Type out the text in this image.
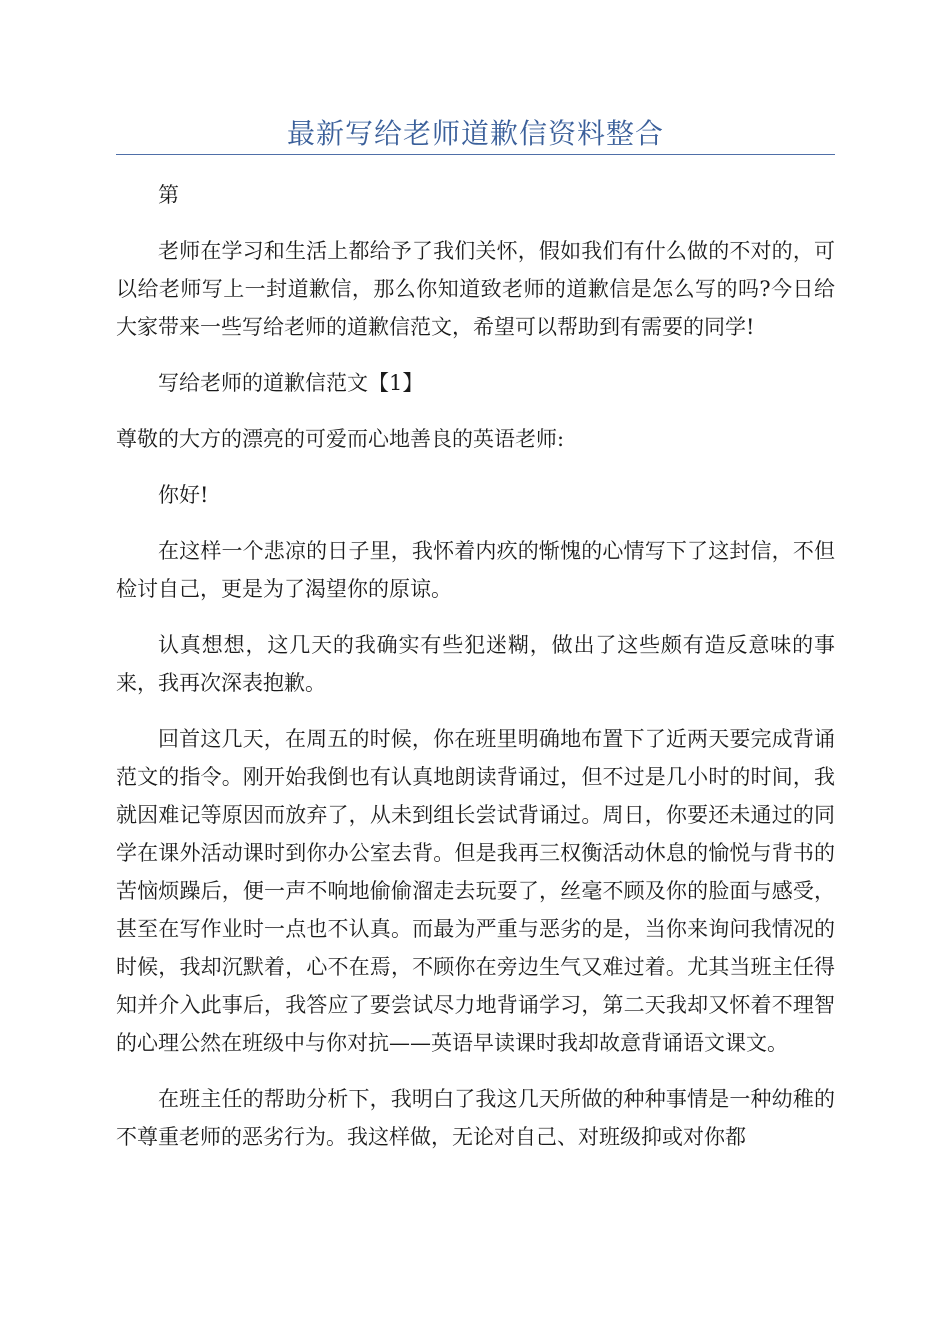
最新写给老师道歉信资料整合

第

老师在学习和生活上都给予了我们关怀，假如我们有什么做的不对的，可以给老师写上一封道歉信，那么你知道致老师的道歉信是怎么写的吗?今日给大家带来一些写给老师的道歉信范文，希望可以帮助到有需要的同学!

写给老师的道歉信范文【1】

尊敬的大方的漂亮的可爱而心地善良的英语老师:

你好!

在这样一个悲凉的日子里，我怀着内疚的惭愧的心情写下了这封信，不但检讨自己，更是为了渴望你的原谅。

认真想想，这几天的我确实有些犯迷糊，做出了这些颇有造反意味的事来，我再次深表抱歉。

回首这几天，在周五的时候，你在班里明确地布置下了近两天要完成背诵范文的指令。刚开始我倒也有认真地朗读背诵过，但不过是几小时的时间，我就因难记等原因而放弃了，从未到组长尝试背诵过。周日，你要还未通过的同学在课外活动课时到你办公室去背。但是我再三权衡活动休息的愉悦与背书的苦恼烦躁后，便一声不响地偷偷溜走去玩耍了，丝毫不顾及你的脸面与感受，甚至在写作业时一点也不认真。而最为严重与恶劣的是，当你来询问我情况的时候，我却沉默着，心不在焉，不顾你在旁边生气又难过着。尤其当班主任得知并介入此事后，我答应了要尝试尽力地背诵学习，第二天我却又怀着不理智的心理公然在班级中与你对抗——英语早读课时我却故意背诵语文课文。

在班主任的帮助分析下，我明白了我这几天所做的种种事情是一种幼稚的不尊重老师的恶劣行为。我这样做，无论对自己、对班级抑或对你都
